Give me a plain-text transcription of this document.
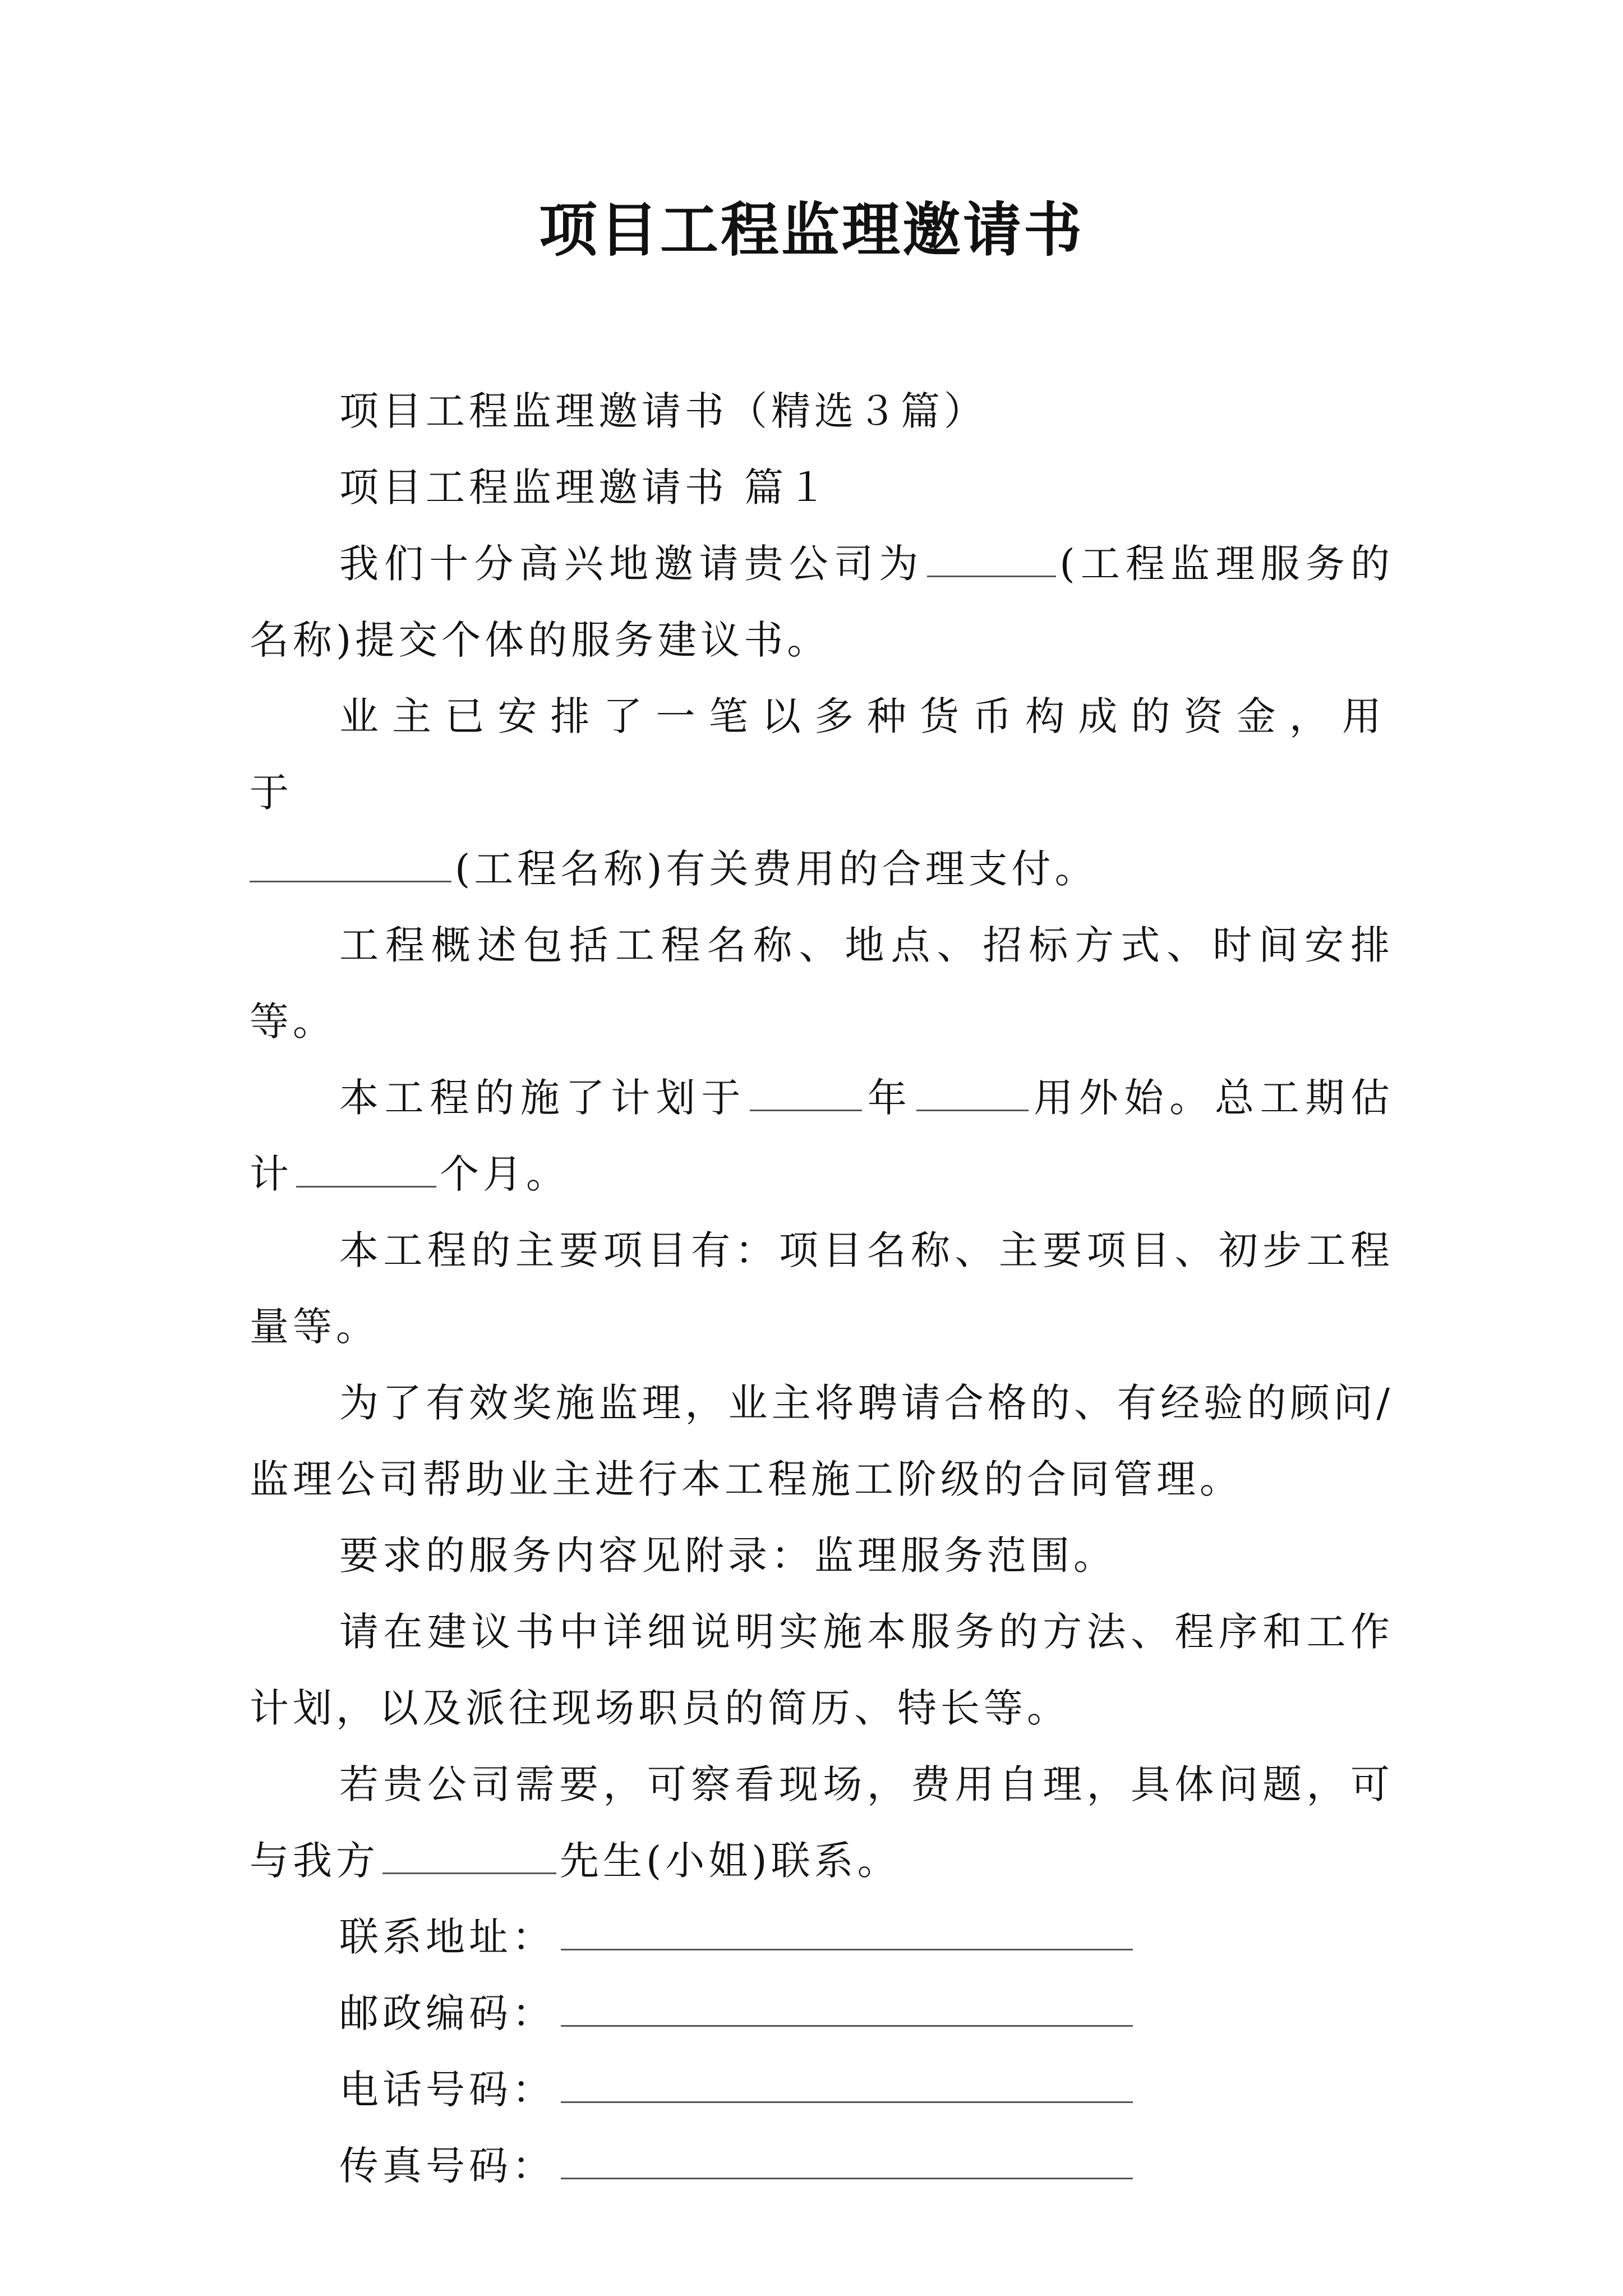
项目工程监理邀请书

项目工程监理邀请书（精选３篇）

项目工程监理邀请书 篇１

我们十分高兴地邀请贵公司为	(工程监理服务的名称)提交个体的服务建议书。

业主已安排了一笔以多种货币构成的资金，用于
(工程名称)有关费用的合理支付。

工程概述包括工程名称、地点、招标方式、时间安排等。

本工程的施了计划于	年	用外始。总工期估计	个月。

本工程的主要项目有：项目名称、主要项目、初步工程量等。

为了有效奖施监理，业主将聘请合格的、有经验的顾问/监理公司帮助业主进行本工程施工阶级的合同管理。

要求的服务内容见附录：监理服务范围。

请在建议书中详细说明实施本服务的方法、程序和工作计划，以及派往现场职员的简历、特长等。

若贵公司需要，可察看现场，费用自理，具体问题，可与我方	先生(小姐)联系。

联系地址：

邮政编码：

电话号码：

传真号码：
